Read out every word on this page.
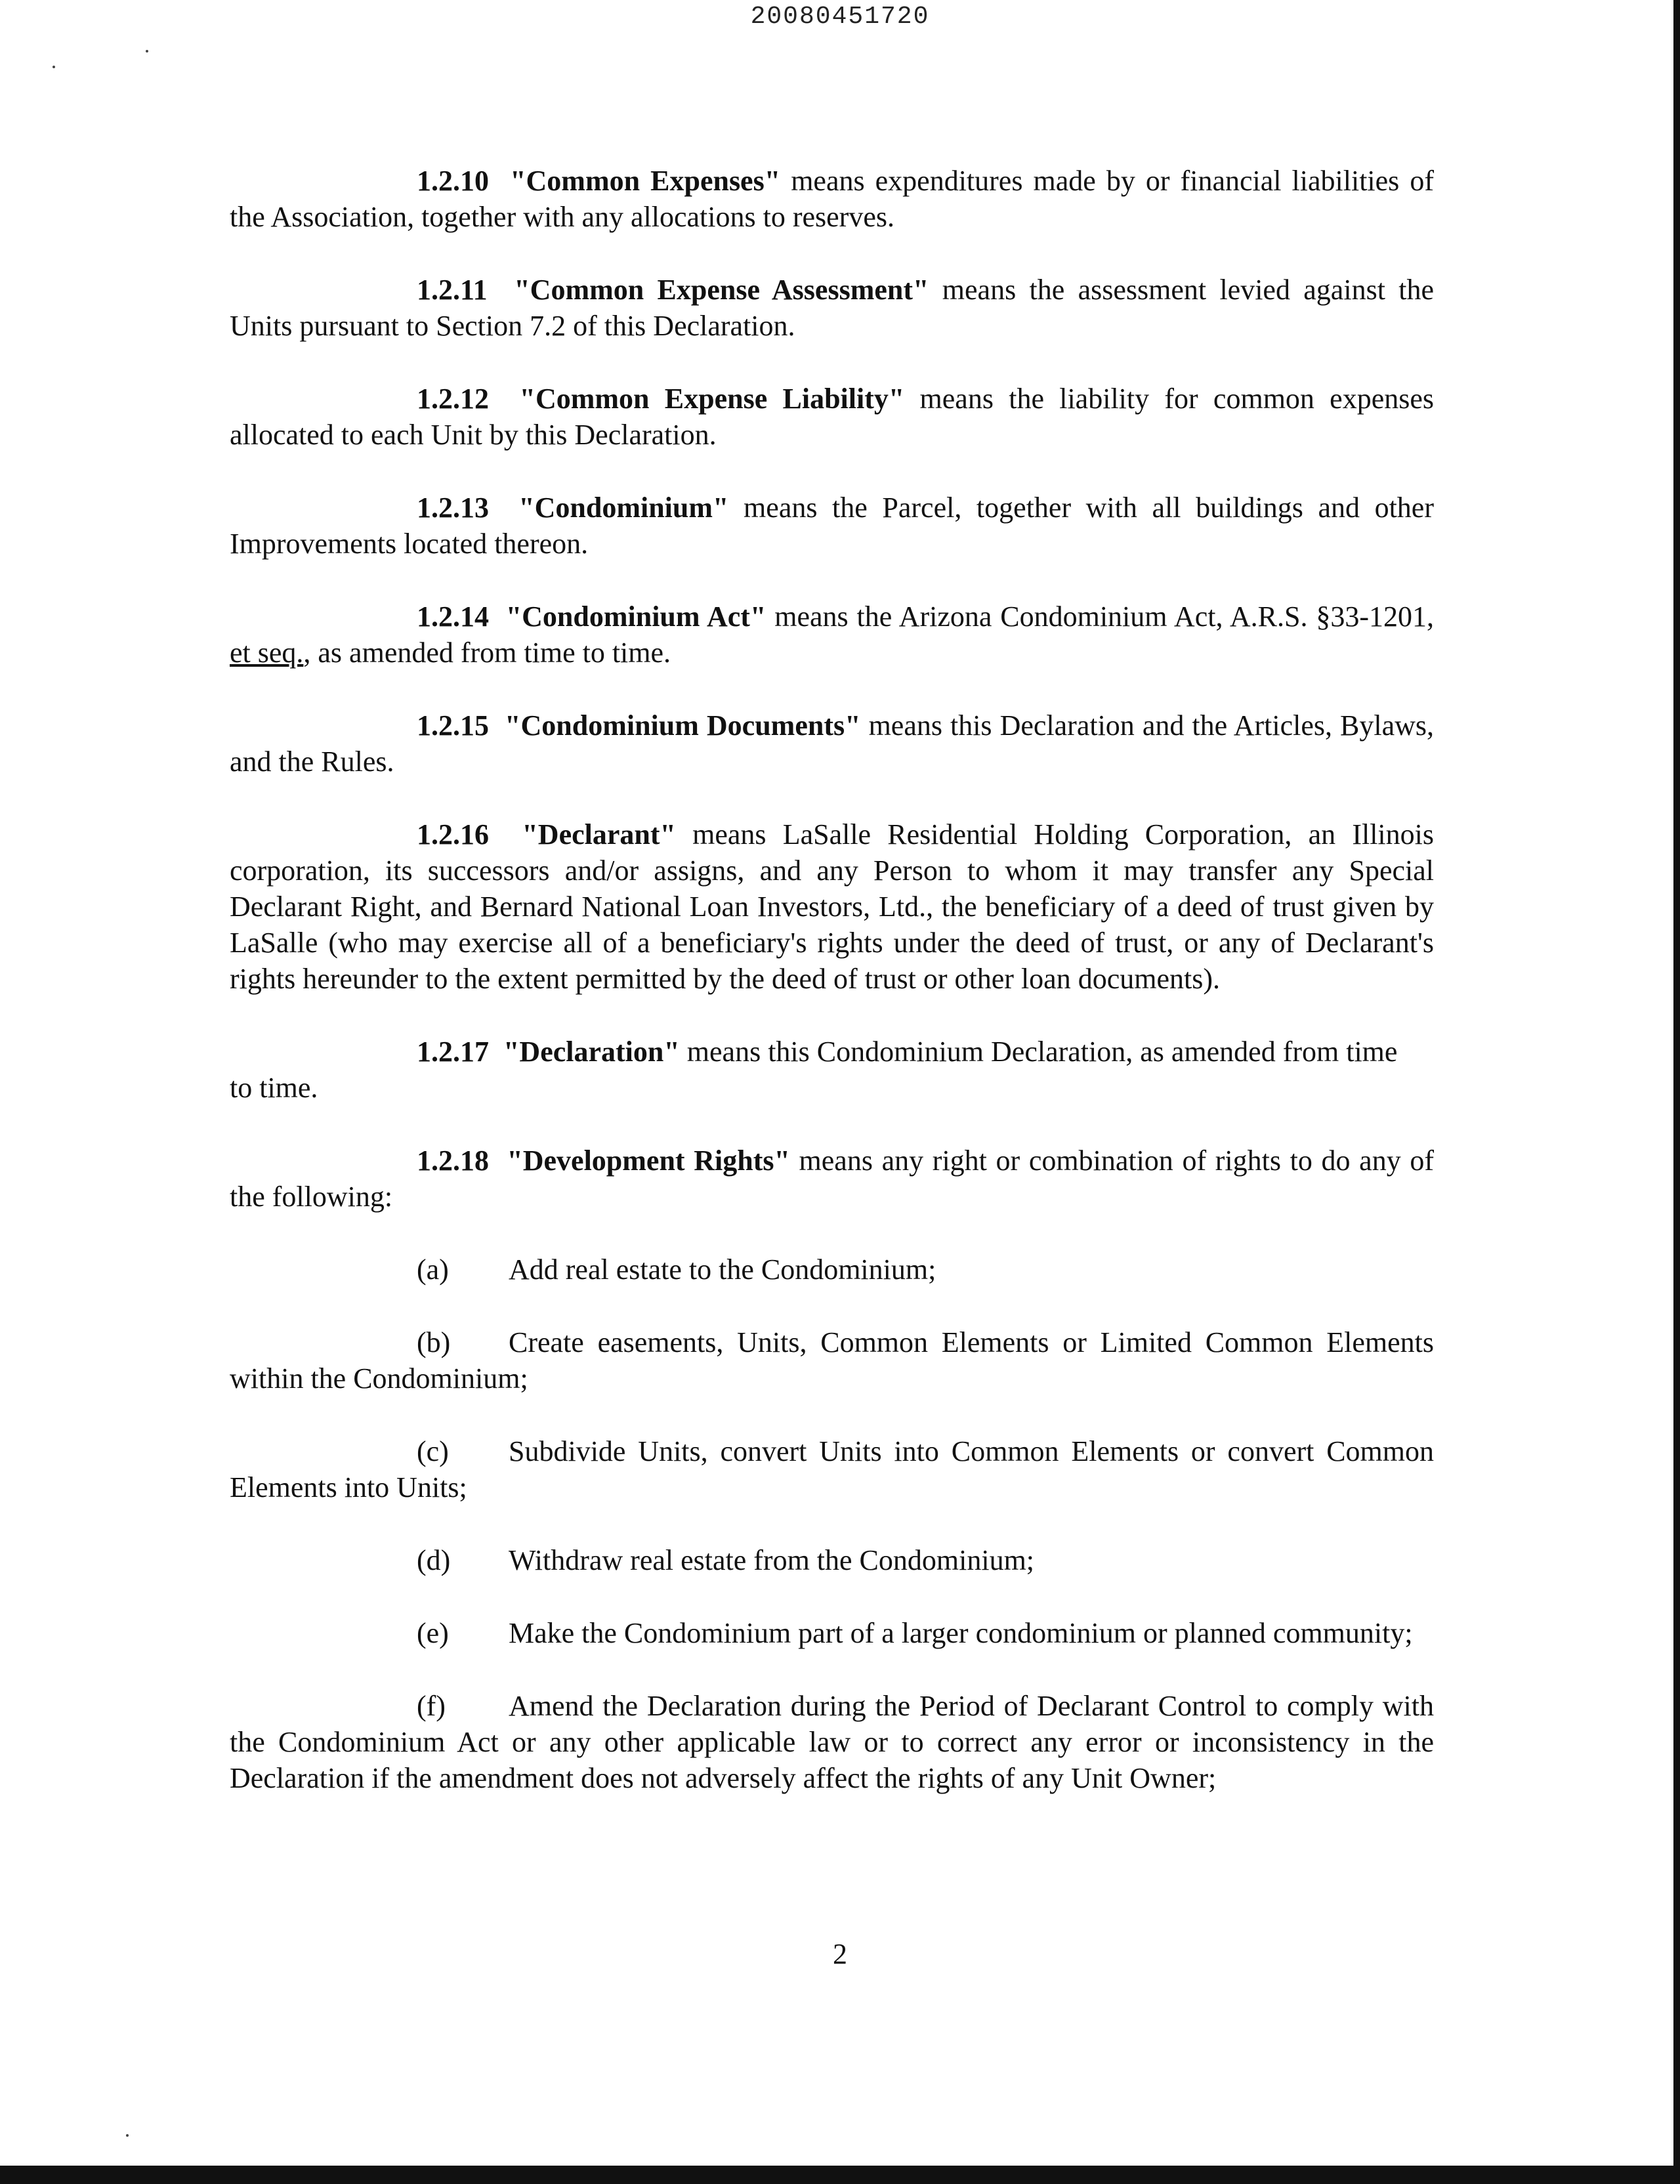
20080451720

1.2.10 "Common Expenses" means expenditures made by or financial liabilities of the Association, together with any allocations to reserves.

1.2.11 "Common Expense Assessment" means the assessment levied against the Units pursuant to Section 7.2 of this Declaration.

1.2.12 "Common Expense Liability" means the liability for common expenses allocated to each Unit by this Declaration.

1.2.13 "Condominium" means the Parcel, together with all buildings and other Improvements located thereon.

1.2.14 "Condominium Act" means the Arizona Condominium Act, A.R.S. §33-1201, et seq., as amended from time to time.

1.2.15 "Condominium Documents" means this Declaration and the Articles, Bylaws, and the Rules.

1.2.16 "Declarant" means LaSalle Residential Holding Corporation, an Illinois corporation, its successors and/or assigns, and any Person to whom it may transfer any Special Declarant Right, and Bernard National Loan Investors, Ltd., the beneficiary of a deed of trust given by LaSalle (who may exercise all of a beneficiary's rights under the deed of trust, or any of Declarant's rights hereunder to the extent permitted by the deed of trust or other loan documents).

1.2.17 "Declaration" means this Condominium Declaration, as amended from time
to time.

1.2.18 "Development Rights" means any right or combination of rights to do any of the following:

(a) Add real estate to the Condominium;

(b) Create easements, Units, Common Elements or Limited Common Elements within the Condominium;

(c) Subdivide Units, convert Units into Common Elements or convert Common Elements into Units;

(d) Withdraw real estate from the Condominium;

(e) Make the Condominium part of a larger condominium or planned community;

(f) Amend the Declaration during the Period of Declarant Control to comply with the Condominium Act or any other applicable law or to correct any error or inconsistency in the Declaration if the amendment does not adversely affect the rights of any Unit Owner;

2
